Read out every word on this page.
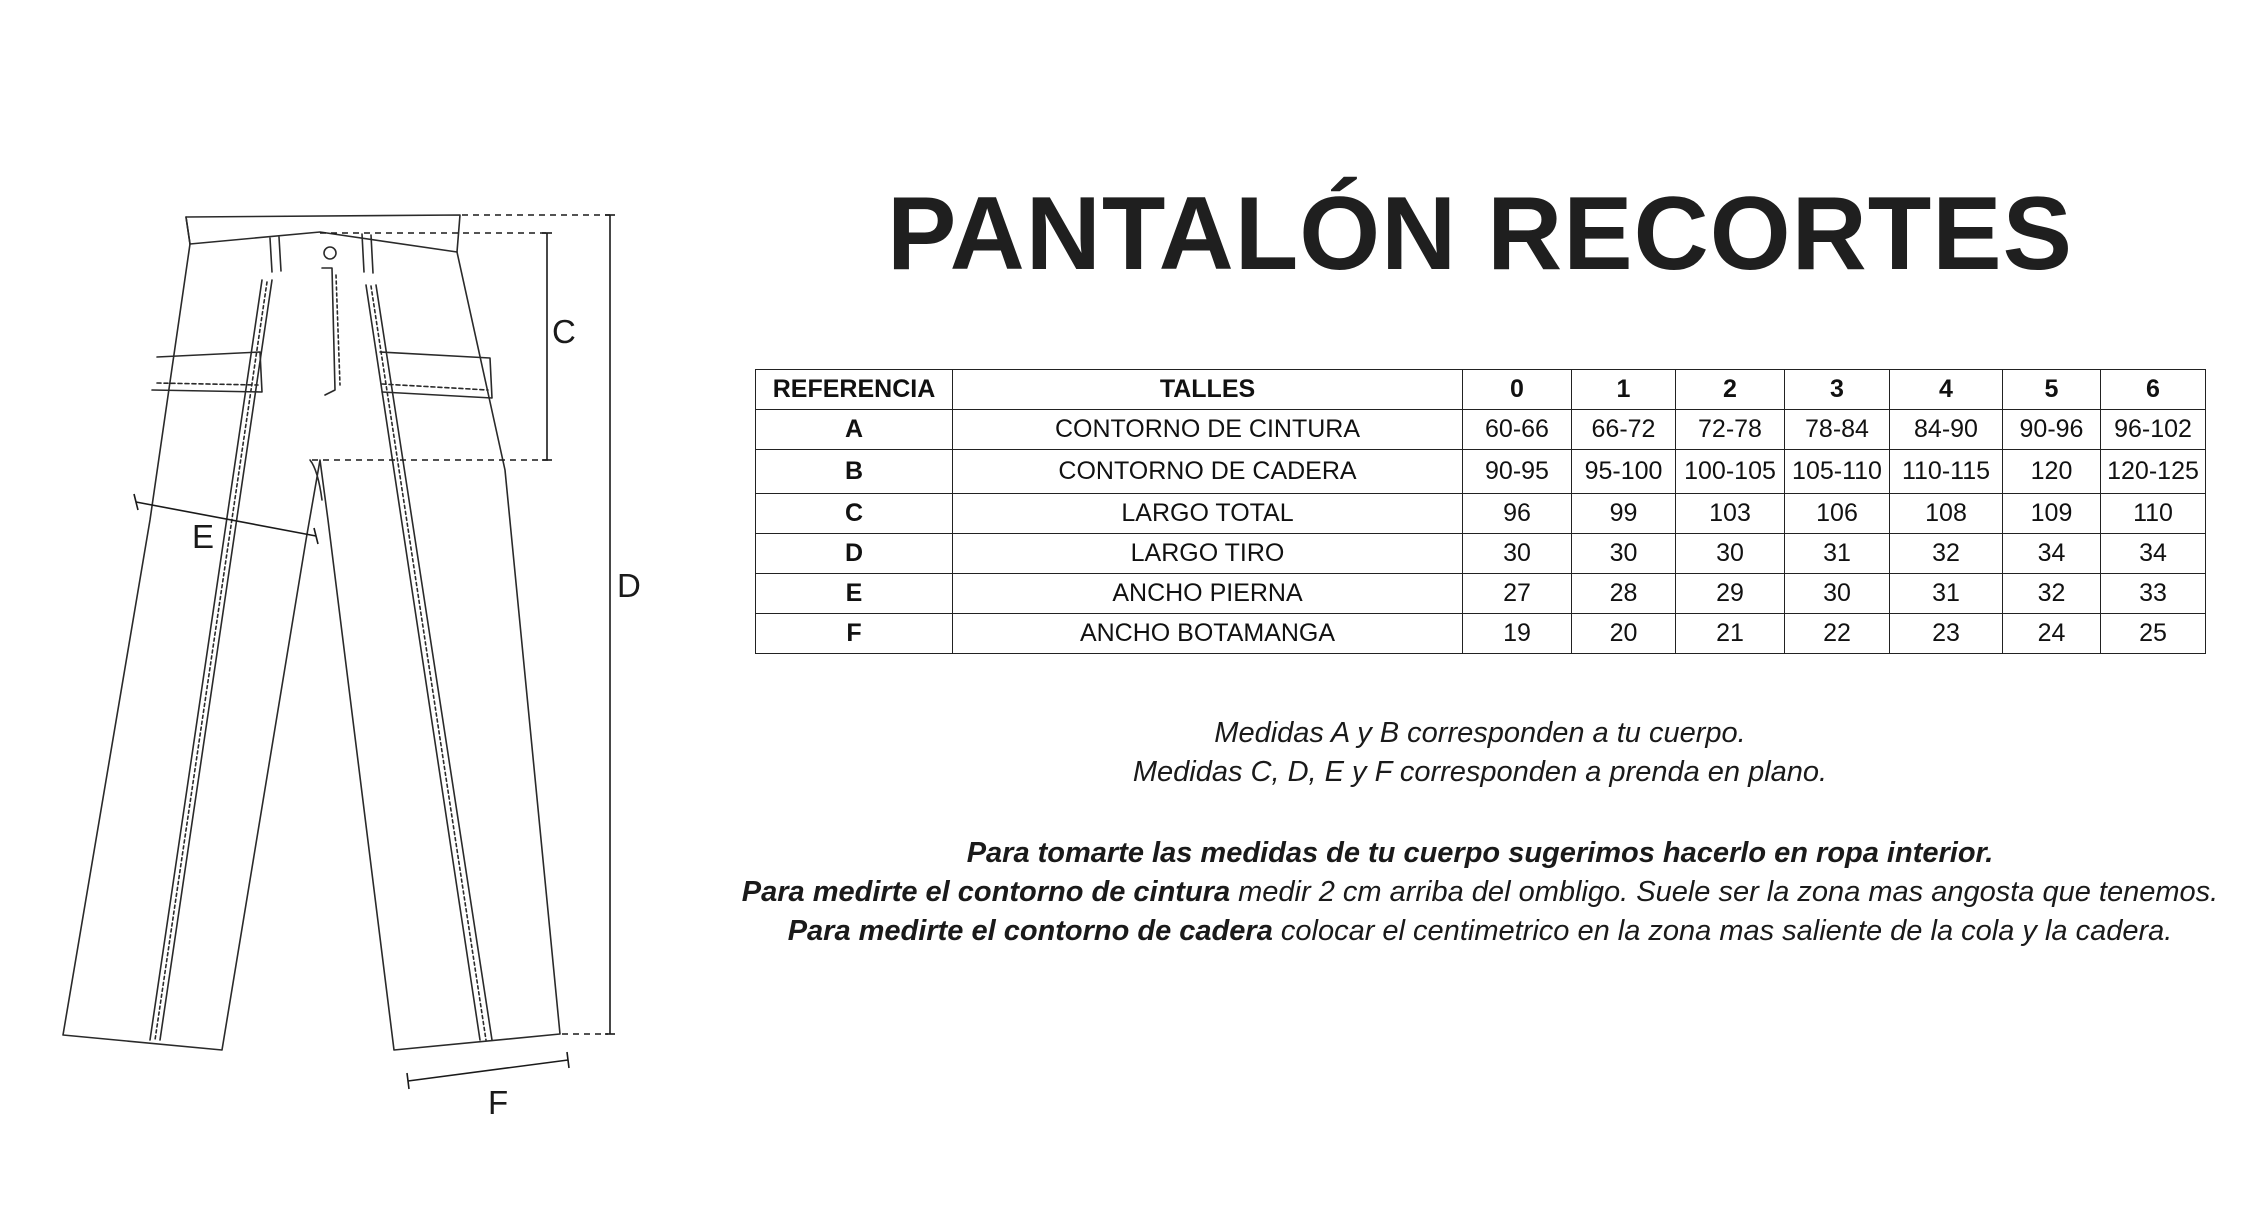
C
D
E
F
PANTALÓN RECORTES
REFERENCIA	TALLES	0	1	2	3	4	5	6
A	CONTORNO DE CINTURA	60-66	66-72	72-78	78-84	84-90	90-96	96-102
B	CONTORNO DE CADERA	90-95	95-100	100-105	105-110	110-115	120	120-125
C	LARGO TOTAL	96	99	103	106	108	109	110
D	LARGO TIRO	30	30	30	31	32	34	34
E	ANCHO PIERNA	27	28	29	30	31	32	33
F	ANCHO BOTAMANGA	19	20	21	22	23	24	25

Medidas A y B corresponden a tu cuerpo.

Medidas C, D, E y F corresponden a prenda en plano.

Para tomarte las medidas de tu cuerpo sugerimos hacerlo en ropa interior.

Para medirte el contorno de cintura medir 2 cm arriba del ombligo. Suele ser la zona mas angosta que tenemos.

Para medirte el contorno de cadera colocar el centimetrico en la zona mas saliente de la cola y la cadera.
